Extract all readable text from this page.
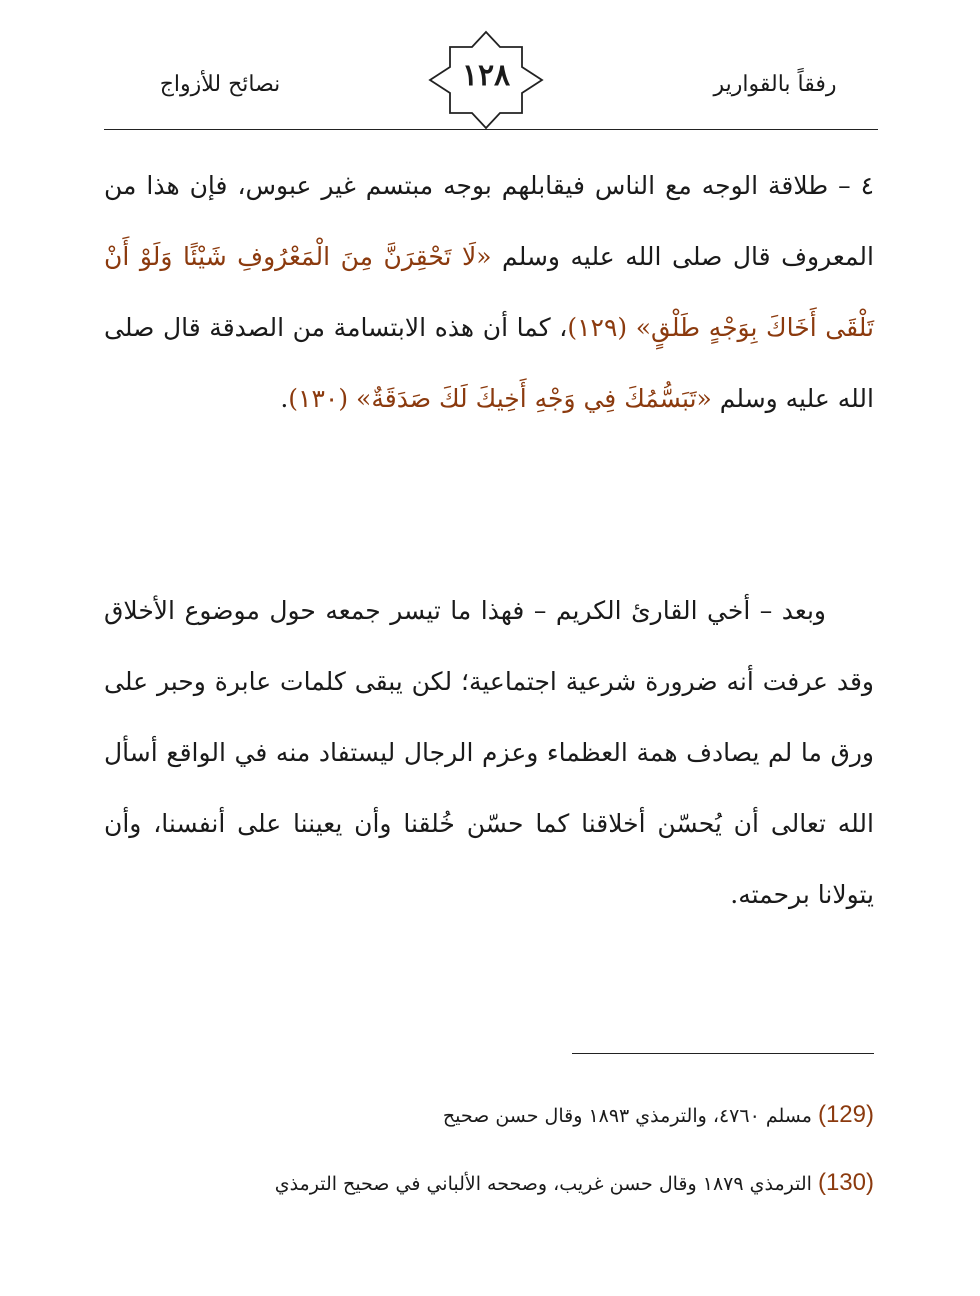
نصائح للأزواج	١٢٨	رفقاً بالقوارير
٤ – طلاقة الوجه مع الناس فيقابلهم بوجه مبتسم غير عبوس، فإن هذا من المعروف قال صلى الله عليه وسلم «لَا تَحْقِرَنَّ مِنَ الْمَعْرُوفِ شَيْئًا وَلَوْ أَنْ تَلْقَى أَخَاكَ بِوَجْهٍ طَلْقٍ» (١٢٩)، كما أن هذه الابتسامة من الصدقة قال صلى الله عليه وسلم «تَبَسُّمُكَ فِي وَجْهِ أَخِيكَ لَكَ صَدَقَةٌ» (١٣٠).
وبعد – أخي القارئ الكريم – فهذا ما تيسر جمعه حول موضوع الأخلاق وقد عرفت أنه ضرورة شرعية اجتماعية؛ لكن يبقى كلمات عابرة وحبر على ورق ما لم يصادف همة العظماء وعزم الرجال ليستفاد منه في الواقع أسأل الله تعالى أن يُحسّن أخلاقنا كما حسّن خُلقنا وأن يعيننا على أنفسنا، وأن يتولانا برحمته.
(129) مسلم ٤٧٦٠، والترمذي ١٨٩٣ وقال حسن صحيح
(130) الترمذي ١٨٧٩ وقال حسن غريب، وصححه الألباني في صحيح الترمذي
